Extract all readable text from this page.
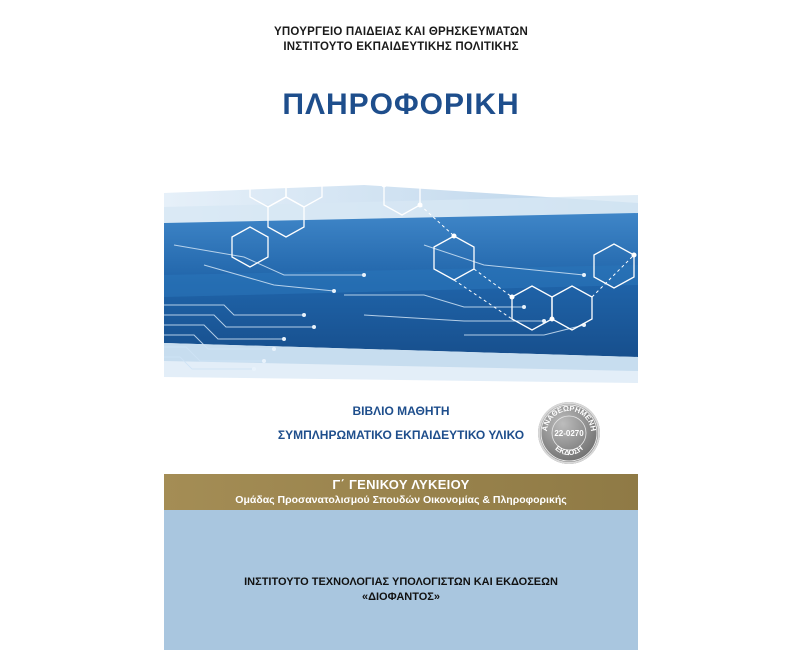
ΥΠΟΥΡΓΕΙΟ ΠΑΙΔΕΙΑΣ ΚΑΙ ΘΡΗΣΚΕΥΜΑΤΩΝ
ΙΝΣΤΙΤΟΥΤΟ ΕΚΠΑΙΔΕΥΤΙΚΗΣ ΠΟΛΙΤΙΚΗΣ
ΠΛΗΡΟΦΟΡΙΚΗ
ΒΙΒΛΙΟ ΜΑΘΗΤΗ
ΣΥΜΠΛΗΡΩΜΑΤΙΚΟ ΕΚΠΑΙΔΕΥΤΙΚΟ ΥΛΙΚΟ	ΑΝΑΘΕΩΡΗΜΕΝΗ
22-0270
ΕΚΔΟΣΗ
Γ΄ ΓΕΝΙΚΟΥ ΛΥΚΕΙΟΥ
Ομάδας Προσανατολισμού Σπουδών Οικονομίας & Πληροφορικής
ΙΝΣΤΙΤΟΥΤΟ ΤΕΧΝΟΛΟΓΙΑΣ ΥΠΟΛΟΓΙΣΤΩΝ ΚΑΙ ΕΚΔΟΣΕΩΝ
«ΔΙΟΦΑΝΤΟΣ»
